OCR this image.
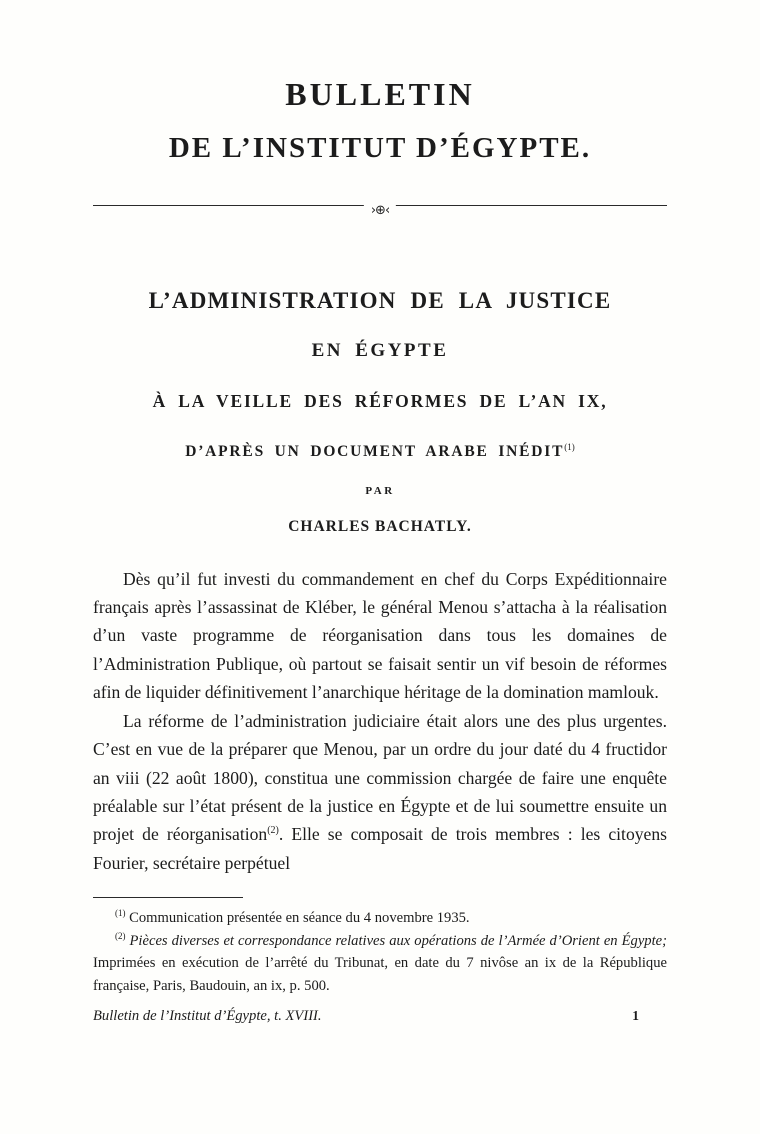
BULLETIN
DE L’INSTITUT D’ÉGYPTE.
›⊕‹
L’ADMINISTRATION DE LA JUSTICE
EN ÉGYPTE
À LA VEILLE DES RÉFORMES DE L’AN IX,
D’APRÈS UN DOCUMENT ARABE INÉDIT$^{(1)}$
PAR
CHARLES BACHATLY.

Dès qu’il fut investi du commandement en chef du Corps Expéditionnaire français après l’assassinat de Kléber, le général Menou s’attacha à la réalisation d’un vaste programme de réorganisation dans tous les domaines de l’Administration Publique, où partout se faisait sentir un vif besoin de réformes afin de liquider définitivement l’anarchique héritage de la domination mamlouk.

La réforme de l’administration judiciaire était alors une des plus urgentes. C’est en vue de la préparer que Menou, par un ordre du jour daté du 4 fructidor an viii (22 août 1800), constitua une commission chargée de faire une enquête préalable sur l’état présent de la justice en Égypte et de lui soumettre ensuite un projet de réorganisation$^{(2)}$. Elle se composait de trois membres : les citoyens Fourier, secrétaire perpétuel

$^{(1)}$ Communication présentée en séance du 4 novembre 1935.

$^{(2)}$ Pièces diverses et correspondance relatives aux opérations de l’Armée d’Orient en Égypte; Imprimées en exécution de l’arrêté du Tribunat, en date du 7 nivôse an ix de la République française, Paris, Baudouin, an ix, p. 500.

Bulletin de l’Institut d’Égypte, t. XVIII.	1
